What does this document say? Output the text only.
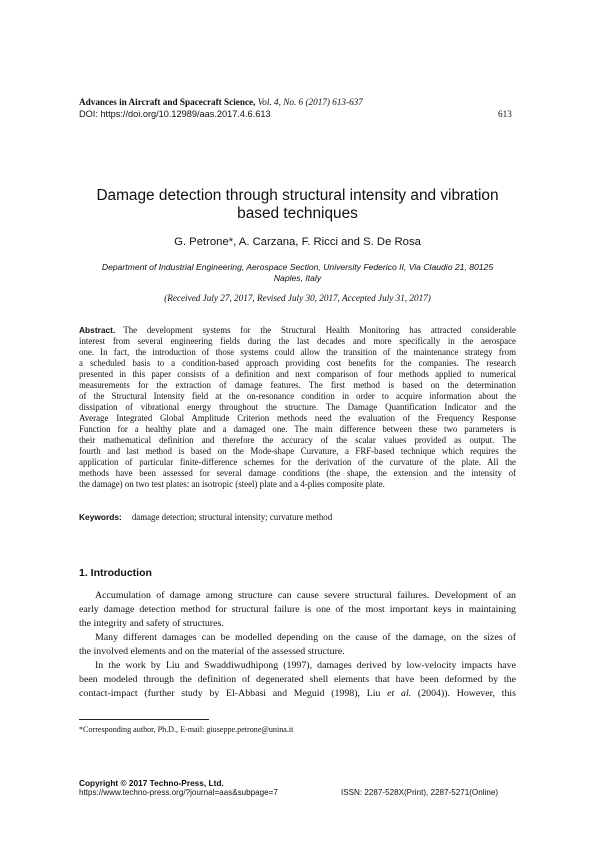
Advances in Aircraft and Spacecraft Science, Vol. 4, No. 6 (2017) 613-637
DOI: https://doi.org/10.12989/aas.2017.4.6.613	613
Damage detection through structural intensity and vibration
based techniques
G. Petrone*, A. Carzana, F. Ricci and S. De Rosa
Department of Industrial Engineering, Aerospace Section, University Federico II, Via Claudio 21, 80125
Naples, Italy
(Received July 27, 2017, Revised July 30, 2017, Accepted July 31, 2017)
Abstract. The development systems for the Structural Health Monitoring has attracted considerable
interest from several engineering fields during the last decades and more specifically in the aerospace
one. In fact, the introduction of those systems could allow the transition of the maintenance strategy from
a scheduled basis to a condition-based approach providing cost benefits for the companies. The research
presented in this paper consists of a definition and next comparison of four methods applied to numerical
measurements for the extraction of damage features. The first method is based on the determination
of the Structural Intensity field at the on-resonance condition in order to acquire information about the
dissipation of vibrational energy throughout the structure. The Damage Quantification Indicator and the
Average Integrated Global Amplitude Criterion methods need the evaluation of the Frequency Response
Function for a healthy plate and a damaged one. The main difference between these two parameters is
their mathematical definition and therefore the accuracy of the scalar values provided as output. The
fourth and last method is based on the Mode-shape Curvature, a FRF-based technique which requires the
application of particular finite-difference schemes for the derivation of the curvature of the plate. All the
methods have been assessed for several damage conditions (the shape, the extension and the intensity of
the damage) on two test plates: an isotropic (steel) plate and a 4-plies composite plate.
Keywords: damage detection; structural intensity; curvature method
1. Introduction
Accumulation of damage among structure can cause severe structural failures. Development of an
early damage detection method for structural failure is one of the most important keys in maintaining
the integrity and safety of structures.
Many different damages can be modelled depending on the cause of the damage, on the sizes of
the involved elements and on the material of the assessed structure.
In the work by Liu and Swaddiwudhipong (1997), damages derived by low-velocity impacts have
been modeled through the definition of degenerated shell elements that have been deformed by the
contact-impact (further study by El-Abbasi and Meguid (1998), Liu et al. (2004)). However, this
*Corresponding author, Ph.D., E-mail: giuseppe.petrone@unina.it
Copyright © 2017 Techno-Press, Ltd.
https://www.techno-press.org/?journal=aas&subpage=7	ISSN: 2287-528X(Print), 2287-5271(Online)
